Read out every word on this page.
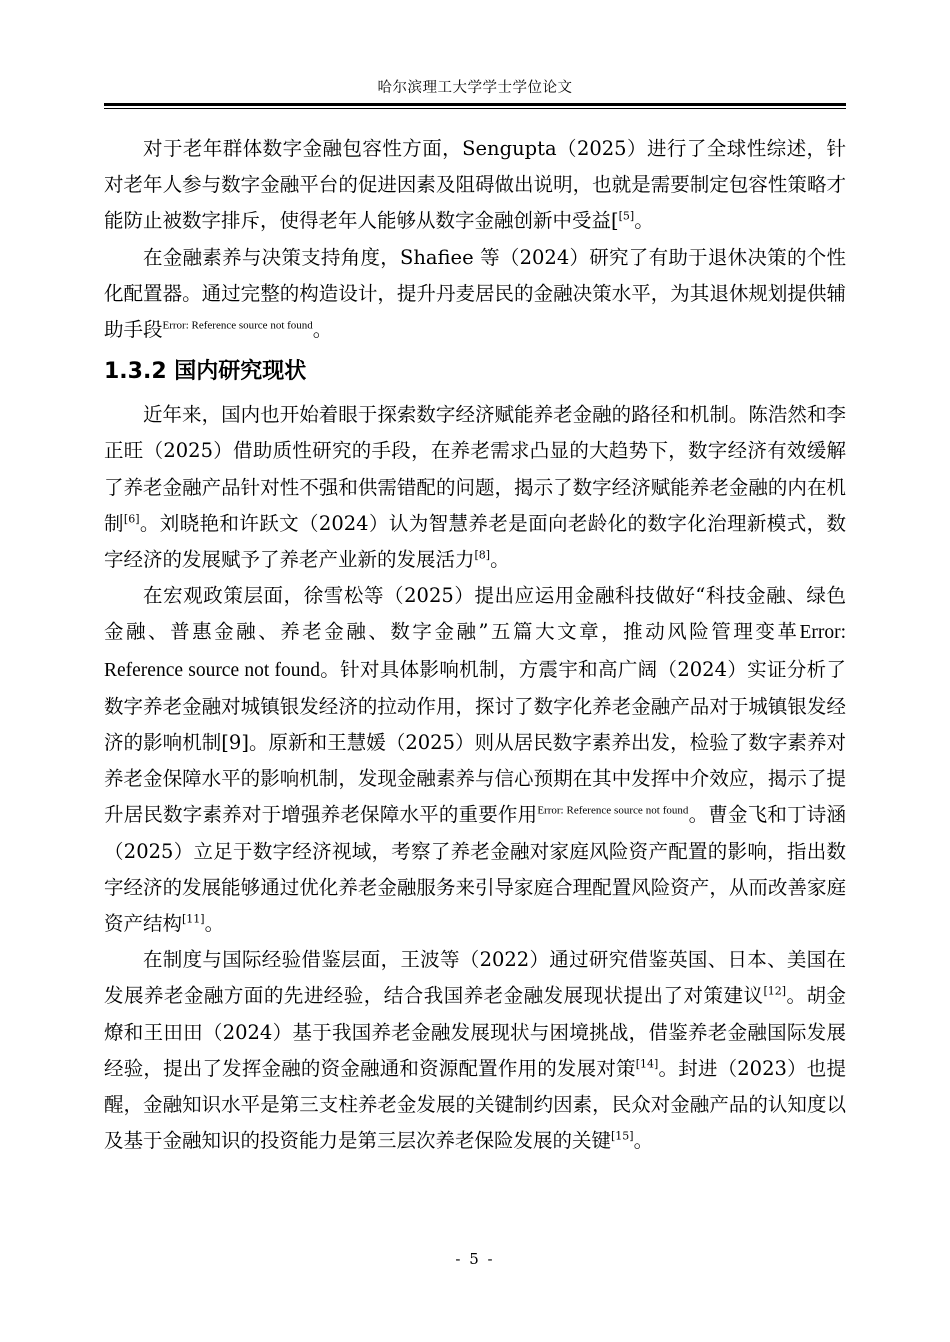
哈尔滨理工大学学士学位论文

对于老年群体数字金融包容性方面，Sengupta（2025）进行了全球性综述，针对老年人参与数字金融平台的促进因素及阻碍做出说明，也就是需要制定包容性策略才能防止被数字排斥，使得老年人能够从数字金融创新中受益[[5]。

在金融素养与决策支持角度，Shafiee 等（2024）研究了有助于退休决策的个性化配置器。通过完整的构造设计，提升丹麦居民的金融决策水平，为其退休规划提供辅助手段$^{Error: Reference source not found}$。

1.3.2 国内研究现状

近年来，国内也开始着眼于探索数字经济赋能养老金融的路径和机制。陈浩然和李正旺（2025）借助质性研究的手段，在养老需求凸显的大趋势下，数字经济有效缓解了养老金融产品针对性不强和供需错配的问题，揭示了数字经济赋能养老金融的内在机制[6]。刘晓艳和许跃文（2024）认为智慧养老是面向老龄化的数字化治理新模式，数字经济的发展赋予了养老产业新的发展活力[8]。

在宏观政策层面，徐雪松等（2025）提出应运用金融科技做好“科技金融、绿色金融、普惠金融、养老金融、数字金融”五篇大文章，推动风险管理变革Error: Reference source not found。针对具体影响机制，方震宇和高广阔（2024）实证分析了数字养老金融对城镇银发经济的拉动作用，探讨了数字化养老金融产品对于城镇银发经济的影响机制[9]。原新和王慧媛（2025）则从居民数字素养出发，检验了数字素养对养老金保障水平的影响机制，发现金融素养与信心预期在其中发挥中介效应，揭示了提升居民数字素养对于增强养老保障水平的重要作用$^{Error: Reference source not found}$。曹金飞和丁诗涵（2025）立足于数字经济视域，考察了养老金融对家庭风险资产配置的影响，指出数字经济的发展能够通过优化养老金融服务来引导家庭合理配置风险资产，从而改善家庭资产结构[11]。

在制度与国际经验借鉴层面，王波等（2022）通过研究借鉴英国、日本、美国在发展养老金融方面的先进经验，结合我国养老金融发展现状提出了对策建议[12]。胡金燎和王田田（2024）基于我国养老金融发展现状与困境挑战，借鉴养老金融国际发展经验，提出了发挥金融的资金融通和资源配置作用的发展对策[14]。封进（2023）也提醒，金融知识水平是第三支柱养老金发展的关键制约因素，民众对金融产品的认知度以及基于金融知识的投资能力是第三层次养老保险发展的关键[15]。

- 5 -
